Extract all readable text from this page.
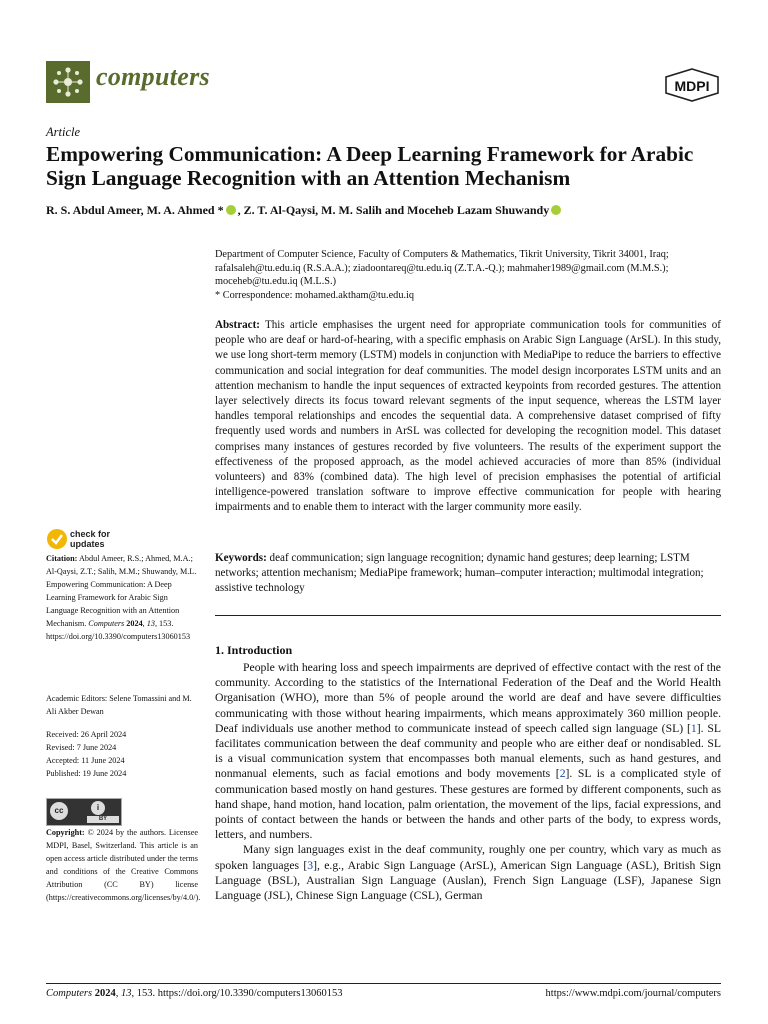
computers	MDPI
Article
Empowering Communication: A Deep Learning Framework for Arabic Sign Language Recognition with an Attention Mechanism
R. S. Abdul Ameer, M. A. Ahmed * , Z. T. Al-Qaysi, M. M. Salih and Moceheb Lazam Shuwandy
Department of Computer Science, Faculty of Computers & Mathematics, Tikrit University, Tikrit 34001, Iraq;
rafalsaleh@tu.edu.iq (R.S.A.A.); ziadoontareq@tu.edu.iq (Z.T.A.-Q.); mahmaher1989@gmail.com (M.M.S.);
moceheb@tu.edu.iq (M.L.S.)
* Correspondence: mohamed.aktham@tu.edu.iq
Abstract: This article emphasises the urgent need for appropriate communication tools for communities of people who are deaf or hard-of-hearing, with a specific emphasis on Arabic Sign Language (ArSL). In this study, we use long short-term memory (LSTM) models in conjunction with MediaPipe to reduce the barriers to effective communication and social integration for deaf communities. The model design incorporates LSTM units and an attention mechanism to handle the input sequences of extracted keypoints from recorded gestures. The attention layer selectively directs its focus toward relevant segments of the input sequence, whereas the LSTM layer handles temporal relationships and encodes the sequential data. A comprehensive dataset comprised of fifty frequently used words and numbers in ArSL was collected for developing the recognition model. This dataset comprises many instances of gestures recorded by five volunteers. The results of the experiment support the effectiveness of the proposed approach, as the model achieved accuracies of more than 85% (individual volunteers) and 83% (combined data). The high level of precision emphasises the potential of artificial intelligence-powered translation software to improve effective communication for people with hearing impairments and to enable them to interact with the larger community more easily.
Keywords: deaf communication; sign language recognition; dynamic hand gestures; deep learning; LSTM networks; attention mechanism; MediaPipe framework; human–computer interaction; multimodal integration; assistive technology
check for
updates
Citation: Abdul Ameer, R.S.; Ahmed, M.A.; Al-Qaysi, Z.T.; Salih, M.M.; Shuwandy, M.L. Empowering Communication: A Deep Learning Framework for Arabic Sign Language Recognition with an Attention Mechanism. Computers 2024, 13, 153. https://doi.org/10.3390/computers13060153
Academic Editors: Selene Tomassini and M. Ali Akber Dewan
Received: 26 April 2024
Revised: 7 June 2024
Accepted: 11 June 2024
Published: 19 June 2024
cc	i
BY
Copyright: © 2024 by the authors. Licensee MDPI, Basel, Switzerland. This article is an open access article distributed under the terms and conditions of the Creative Commons Attribution (CC BY) license (https://creativecommons.org/licenses/by/4.0/).
1. Introduction

People with hearing loss and speech impairments are deprived of effective contact with the rest of the community. According to the statistics of the International Federation of the Deaf and the World Health Organisation (WHO), more than 5% of people around the world are deaf and have severe difficulties communicating with those without hearing impairments, which means approximately 360 million people. Deaf individuals use another method to communicate instead of speech called sign language (SL) [1]. SL facilitates communication between the deaf community and people who are either deaf or nondisabled. SL is a visual communication system that encompasses both manual elements, such as hand gestures, and nonmanual elements, such as facial emotions and body movements [2]. SL is a complicated style of communication based mostly on hand gestures. These gestures are formed by different components, such as hand shape, hand motion, hand location, palm orientation, the movement of the lips, facial expressions, and points of contact between the hands or between the hands and other parts of the body, to express words, letters, and numbers.

Many sign languages exist in the deaf community, roughly one per country, which vary as much as spoken languages [3], e.g., Arabic Sign Language (ArSL), American Sign Language (ASL), British Sign Language (BSL), Australian Sign Language (Auslan), French Sign Language (LSF), Japanese Sign Language (JSL), Chinese Sign Language (CSL), German

Computers 2024, 13, 153. https://doi.org/10.3390/computers13060153	https://www.mdpi.com/journal/computers
